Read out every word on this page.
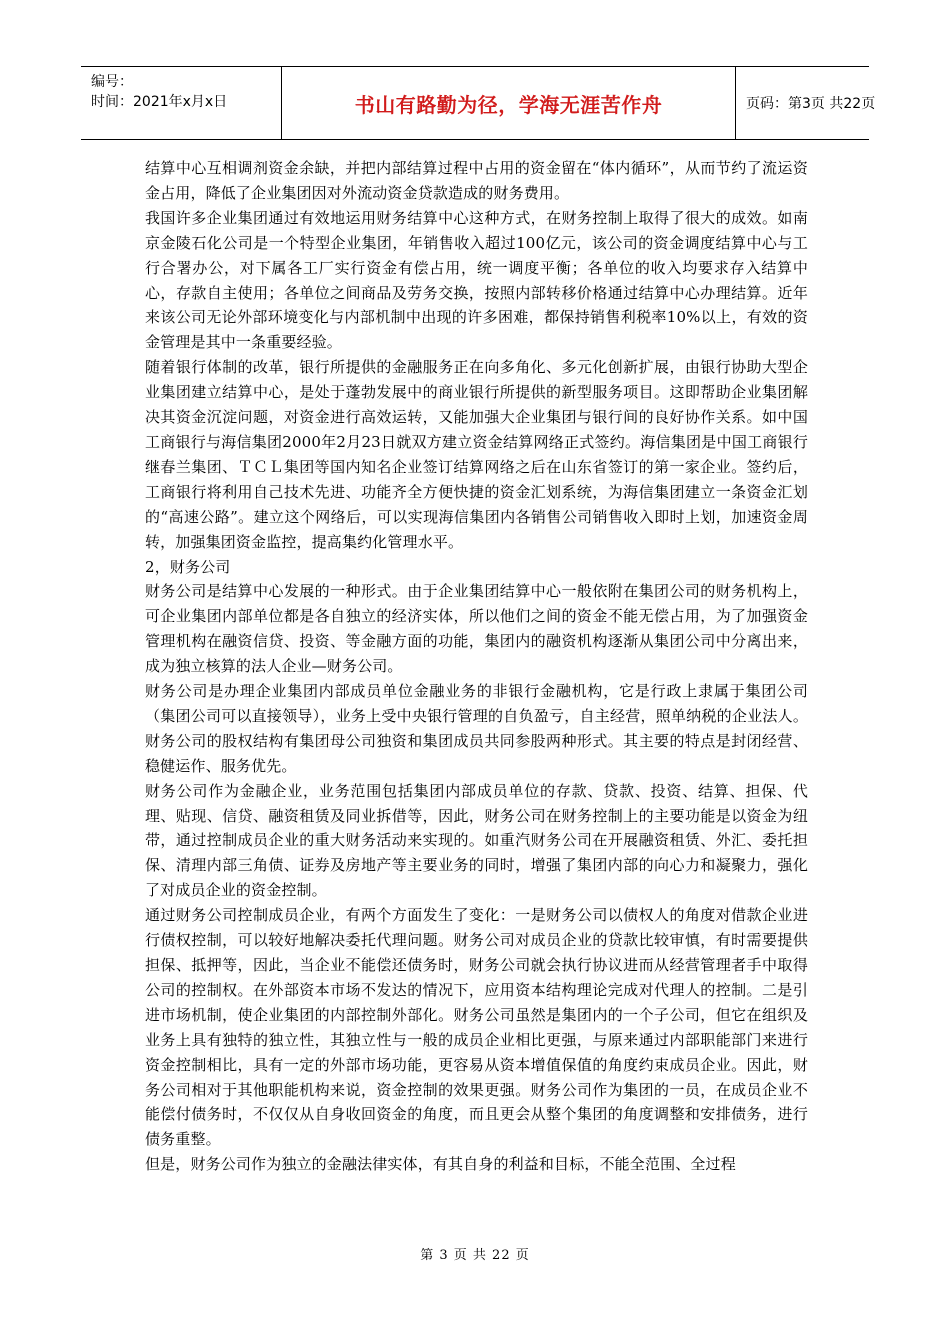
编号：
时间：2021年x月x日	书山有路勤为径，学海无涯苦作舟	页码：第3页 共22页

结算中心互相调剂资金余缺，并把内部结算过程中占用的资金留在“体内循环”，从而节约了流运资金占用，降低了企业集团因对外流动资金贷款造成的财务费用。

我国许多企业集团通过有效地运用财务结算中心这种方式，在财务控制上取得了很大的成效。如南京金陵石化公司是一个特型企业集团，年销售收入超过100亿元，该公司的资金调度结算中心与工行合署办公，对下属各工厂实行资金有偿占用，统一调度平衡；各单位的收入均要求存入结算中心，存款自主使用；各单位之间商品及劳务交换，按照内部转移价格通过结算中心办理结算。近年来该公司无论外部环境变化与内部机制中出现的许多困难，都保持销售利税率10%以上，有效的资金管理是其中一条重要经验。

随着银行体制的改革，银行所提供的金融服务正在向多角化、多元化创新扩展，由银行协助大型企业集团建立结算中心，是处于蓬勃发展中的商业银行所提供的新型服务项目。这即帮助企业集团解决其资金沉淀问题，对资金进行高效运转，又能加强大企业集团与银行间的良好协作关系。如中国工商银行与海信集团2000年2月23日就双方建立资金结算网络正式签约。海信集团是中国工商银行继春兰集团、ＴＣＬ集团等国内知名企业签订结算网络之后在山东省签订的第一家企业。签约后，工商银行将利用自己技术先进、功能齐全方便快捷的资金汇划系统，为海信集团建立一条资金汇划的“高速公路”。建立这个网络后，可以实现海信集团内各销售公司销售收入即时上划，加速资金周转，加强集团资金监控，提高集约化管理水平。

2，财务公司

财务公司是结算中心发展的一种形式。由于企业集团结算中心一般依附在集团公司的财务机构上，可企业集团内部单位都是各自独立的经济实体，所以他们之间的资金不能无偿占用，为了加强资金管理机构在融资信贷、投资、等金融方面的功能，集团内的融资机构逐渐从集团公司中分离出来，成为独立核算的法人企业—财务公司。

财务公司是办理企业集团内部成员单位金融业务的非银行金融机构，它是行政上隶属于集团公司（集团公司可以直接领导），业务上受中央银行管理的自负盈亏，自主经营，照单纳税的企业法人。财务公司的股权结构有集团母公司独资和集团成员共同参股两种形式。其主要的特点是封闭经营、稳健运作、服务优先。

财务公司作为金融企业，业务范围包括集团内部成员单位的存款、贷款、投资、结算、担保、代理、贴现、信贷、融资租赁及同业拆借等，因此，财务公司在财务控制上的主要功能是以资金为纽带，通过控制成员企业的重大财务活动来实现的。如重汽财务公司在开展融资租赁、外汇、委托担保、清理内部三角债、证券及房地产等主要业务的同时，增强了集团内部的向心力和凝聚力，强化了对成员企业的资金控制。

通过财务公司控制成员企业，有两个方面发生了变化：一是财务公司以债权人的角度对借款企业进行债权控制，可以较好地解决委托代理问题。财务公司对成员企业的贷款比较审慎，有时需要提供担保、抵押等，因此，当企业不能偿还债务时，财务公司就会执行协议进而从经营管理者手中取得公司的控制权。在外部资本市场不发达的情况下，应用资本结构理论完成对代理人的控制。二是引进市场机制，使企业集团的内部控制外部化。财务公司虽然是集团内的一个子公司，但它在组织及业务上具有独特的独立性，其独立性与一般的成员企业相比更强，与原来通过内部职能部门来进行资金控制相比，具有一定的外部市场功能，更容易从资本增值保值的角度约束成员企业。因此，财务公司相对于其他职能机构来说，资金控制的效果更强。财务公司作为集团的一员，在成员企业不能偿付债务时，不仅仅从自身收回资金的角度，而且更会从整个集团的角度调整和安排债务，进行债务重整。

但是，财务公司作为独立的金融法律实体，有其自身的利益和目标，不能全范围、全过程

第 3 页 共 22 页
